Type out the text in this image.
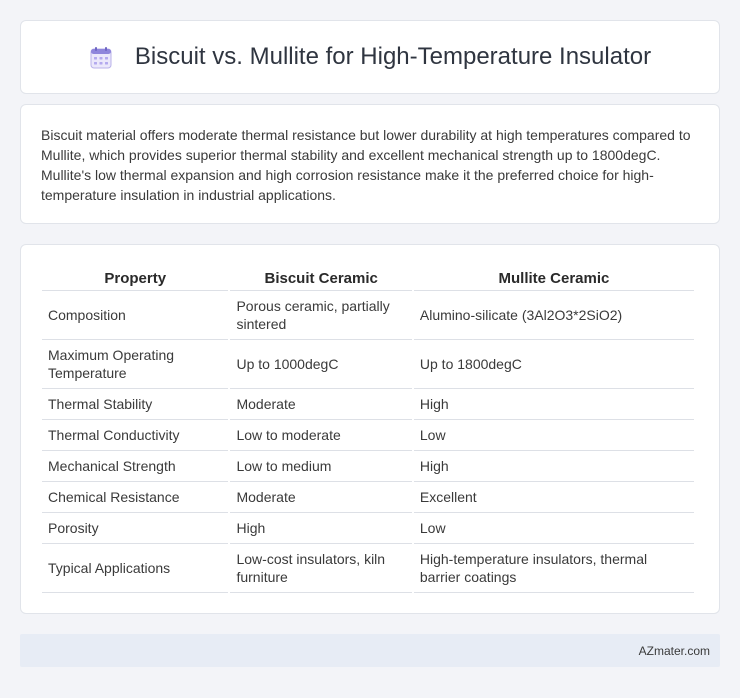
Biscuit vs. Mullite for High-Temperature Insulator

Biscuit material offers moderate thermal resistance but lower durability at high temperatures compared to Mullite, which provides superior thermal stability and excellent mechanical strength up to 1800degC. Mullite's low thermal expansion and high corrosion resistance make it the preferred choice for high-temperature insulation in industrial applications.

Property	Biscuit Ceramic	Mullite Ceramic
Composition	Porous ceramic, partially sintered	Alumino-silicate (3Al2O3*2SiO2)
Maximum Operating Temperature	Up to 1000degC	Up to 1800degC
Thermal Stability	Moderate	High
Thermal Conductivity	Low to moderate	Low
Mechanical Strength	Low to medium	High
Chemical Resistance	Moderate	Excellent
Porosity	High	Low
Typical Applications	Low-cost insulators, kiln furniture	High-temperature insulators, thermal barrier coatings
AZmater.com
